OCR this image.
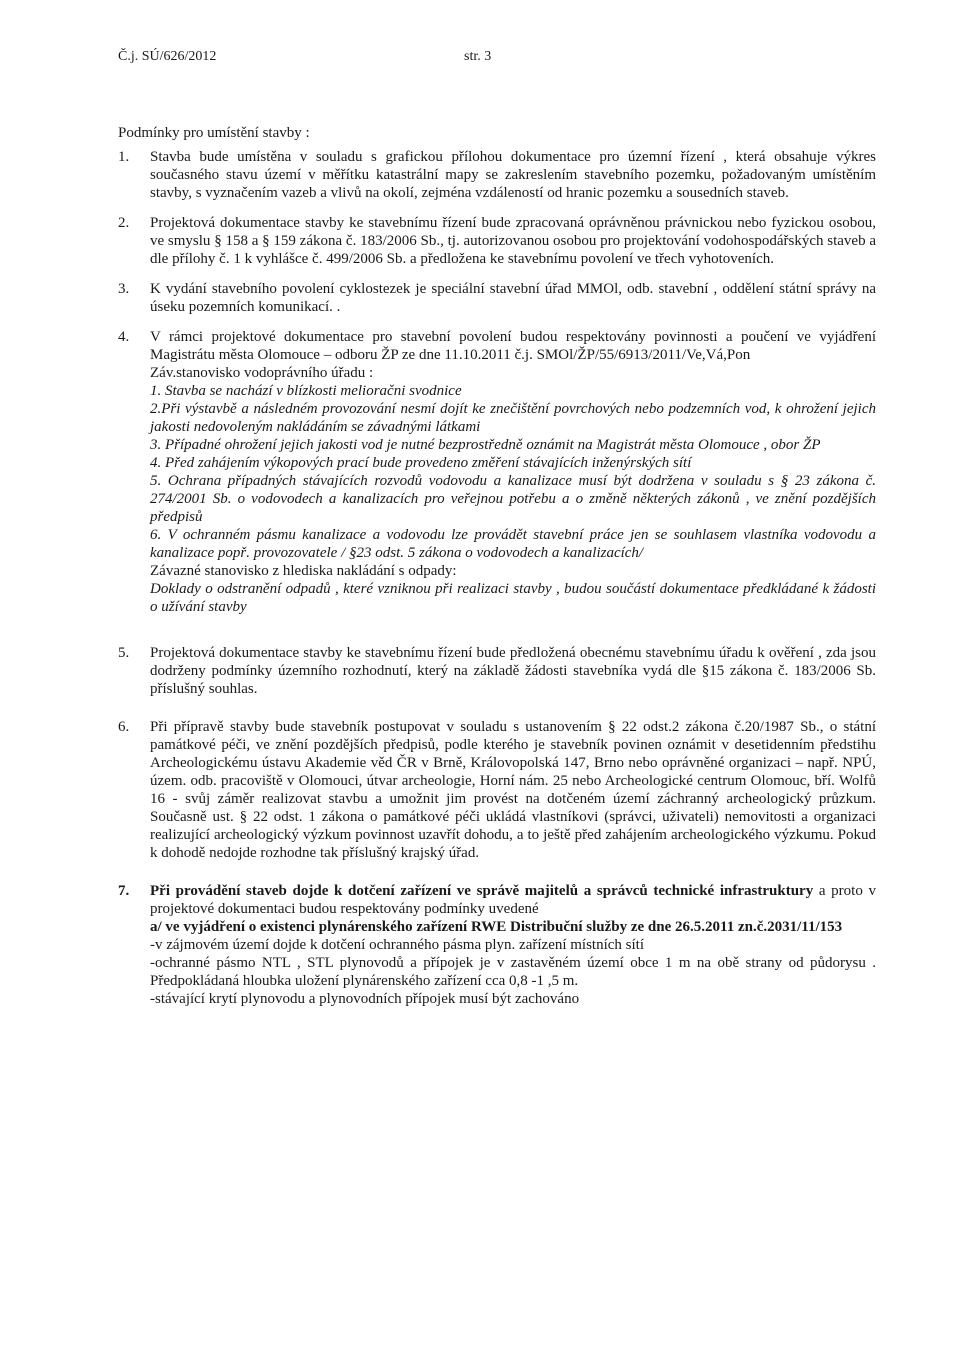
Č.j. SÚ/626/2012	str. 3

Podmínky pro umístění stavby :

1.	Stavba bude umístěna v souladu s grafickou přílohou dokumentace pro územní řízení , která obsahuje výkres současného stavu území v měřítku katastrální mapy se zakreslením stavebního pozemku, požadovaným umístěním stavby, s vyznačením vazeb a vlivů na okolí, zejména vzdáleností od hranic pozemku a sousedních staveb.

2.	Projektová dokumentace stavby ke stavebnímu řízení bude zpracovaná oprávněnou právnickou nebo fyzickou osobou, ve smyslu § 158 a § 159 zákona č. 183/2006 Sb., tj. autorizovanou osobou pro projektování vodohospodářských staveb a dle přílohy č. 1 k vyhlášce č. 499/2006 Sb. a předložena ke stavebnímu povolení ve třech vyhotoveních.

3.	K vydání stavebního povolení cyklostezek je speciální stavební úřad MMOl, odb. stavební , oddělení státní správy na úseku pozemních komunikací. .

4.	V rámci projektové dokumentace pro stavební povolení budou respektovány povinnosti a poučení ve vyjádření Magistrátu města Olomouce – odboru ŽP ze dne 11.10.2011 č.j. SMOl/ŽP/55/6913/2011/Ve,Vá,Pon

Záv.stanovisko vodoprávního úřadu :

1. Stavba se nachází v blízkosti melioračni svodnice

2.Při výstavbě a následném provozování nesmí dojít ke znečištění povrchových nebo podzemních vod, k ohrožení jejich jakosti nedovoleným nakládáním se závadnými látkami

3. Případné ohrožení jejich jakosti vod je nutné bezprostředně oznámit na Magistrát města Olomouce , obor ŽP

4. Před zahájením výkopových prací bude provedeno změření stávajících inženýrských sítí

5. Ochrana případných stávajících rozvodů vodovodu a kanalizace musí být dodržena v souladu s § 23 zákona č. 274/2001 Sb. o vodovodech a kanalizacích pro veřejnou potřebu a o změně některých zákonů , ve znění pozdějších předpisů

6. V ochranném pásmu kanalizace a vodovodu lze provádět stavební práce jen se souhlasem vlastníka vodovodu a kanalizace popř. provozovatele / §23 odst. 5 zákona o vodovodech a kanalizacích/

Závazné stanovisko z hlediska nakládání s odpady:

Doklady o odstranění odpadů , které vzniknou při realizaci stavby , budou součástí dokumentace předkládané k žádosti o užívání stavby

5.	Projektová dokumentace stavby ke stavebnímu řízení bude předložená obecnému stavebnímu úřadu k ověření , zda jsou dodrženy podmínky územního rozhodnutí, který na základě žádosti stavebníka vydá dle §15 zákona č. 183/2006 Sb. příslušný souhlas.

6.	Při přípravě stavby bude stavebník postupovat v souladu s ustanovením § 22 odst.2 zákona č.20/1987 Sb., o státní památkové péči, ve znění pozdějších předpisů, podle kterého je stavebník povinen oznámit v desetidenním předstihu Archeologickému ústavu Akademie věd ČR v Brně, Královopolská 147, Brno nebo oprávněné organizaci – např. NPÚ, územ. odb. pracoviště v Olomouci, útvar archeologie, Horní nám. 25 nebo Archeologické centrum Olomouc, bří. Wolfů 16 - svůj záměr realizovat stavbu a umožnit jim provést na dotčeném území záchranný archeologický průzkum. Současně ust. § 22 odst. 1 zákona o památkové péči ukládá vlastníkovi (správci, uživateli) nemovitosti a organizaci realizující archeologický výzkum povinnost uzavřít dohodu, a to ještě před zahájením archeologického výzkumu. Pokud k dohodě nedojde rozhodne tak příslušný krajský úřad.

7.	Při provádění staveb dojde k dotčení zařízení ve správě majitelů a správců technické infrastruktury a proto v projektové dokumentaci budou respektovány podmínky uvedené

a/ ve vyjádření o existenci plynárenského zařízení RWE Distribuční služby ze dne 26.5.2011 zn.č.2031/11/153

-v zájmovém území dojde k dotčení ochranného pásma plyn. zařízení místních sítí

-ochranné pásmo NTL , STL plynovodů a přípojek je v zastavěném území obce 1 m na obě strany od půdorysu . Předpokládaná hloubka uložení plynárenského zařízení cca 0,8 -1 ,5 m.

-stávající krytí plynovodu a plynovodních přípojek musí být zachováno
